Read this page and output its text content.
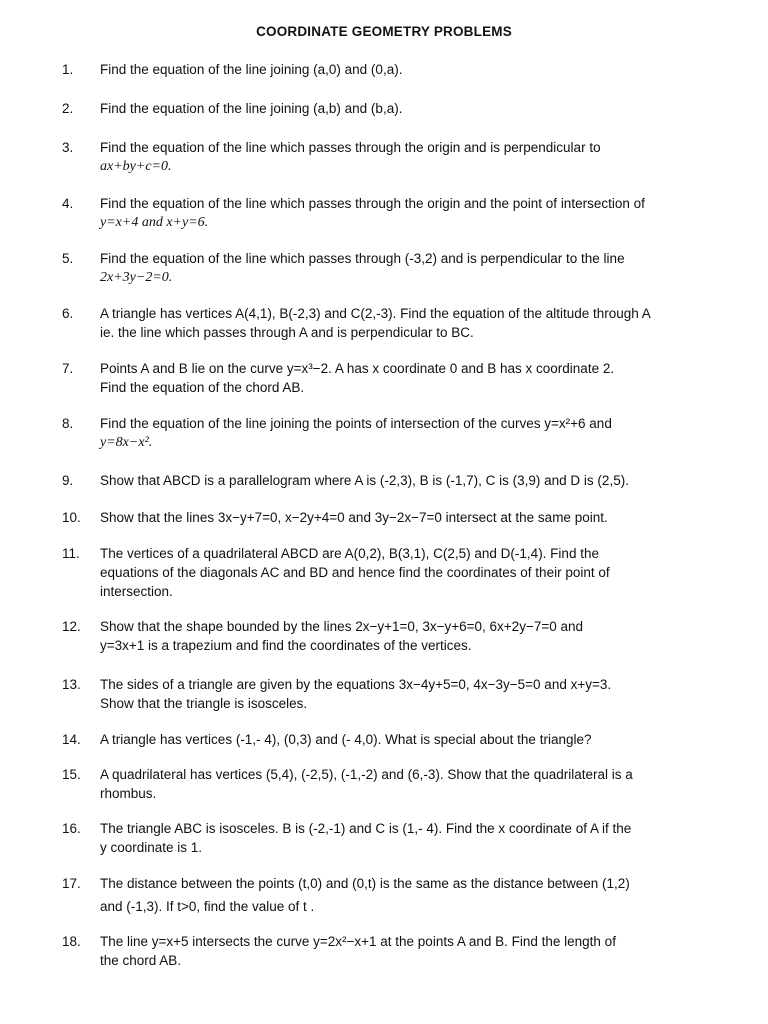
COORDINATE GEOMETRY PROBLEMS
1.	Find the equation of the line joining (a,0) and (0,a).
2.	Find the equation of the line joining (a,b) and (b,a).
3.	Find the equation of the line which passes through the origin and is perpendicular to
ax+by+c=0.
4.	Find the equation of the line which passes through the origin and the point of intersection of
y=x+4 and x+y=6.
5.	Find the equation of the line which passes through (-3,2) and is perpendicular to the line
2x+3y−2=0.
6.	A triangle has vertices A(4,1), B(-2,3) and C(2,-3). Find the equation of the altitude through A
ie. the line which passes through A and is perpendicular to BC.
7.	Points A and B lie on the curve y=x³−2. A has x coordinate 0 and B has x coordinate 2.
Find the equation of the chord AB.
8.	Find the equation of the line joining the points of intersection of the curves y=x²+6 and
y=8x−x².
9.	Show that ABCD is a parallelogram where A is (-2,3), B is (-1,7), C is (3,9) and D is (2,5).
10.	Show that the lines 3x−y+7=0, x−2y+4=0 and 3y−2x−7=0 intersect at the same point.
11.	The vertices of a quadrilateral ABCD are A(0,2), B(3,1), C(2,5) and D(-1,4). Find the
equations of the diagonals AC and BD and hence find the coordinates of their point of
intersection.
12.	Show that the shape bounded by the lines 2x−y+1=0, 3x−y+6=0, 6x+2y−7=0 and
y=3x+1 is a trapezium and find the coordinates of the vertices.
13.	The sides of a triangle are given by the equations 3x−4y+5=0, 4x−3y−5=0 and x+y=3.
Show that the triangle is isosceles.
14.	A triangle has vertices (-1,- 4), (0,3) and (- 4,0). What is special about the triangle?
15.	A quadrilateral has vertices (5,4), (-2,5), (-1,-2) and (6,-3). Show that the quadrilateral is a
rhombus.
16.	The triangle ABC is isosceles. B is (-2,-1) and C is (1,- 4). Find the x coordinate of A if the
y coordinate is 1.
17.	The distance between the points (t,0) and (0,t) is the same as the distance between (1,2)
and (-1,3). If t>0, find the value of t .
18.	The line y=x+5 intersects the curve y=2x²−x+1 at the points A and B. Find the length of
the chord AB.
